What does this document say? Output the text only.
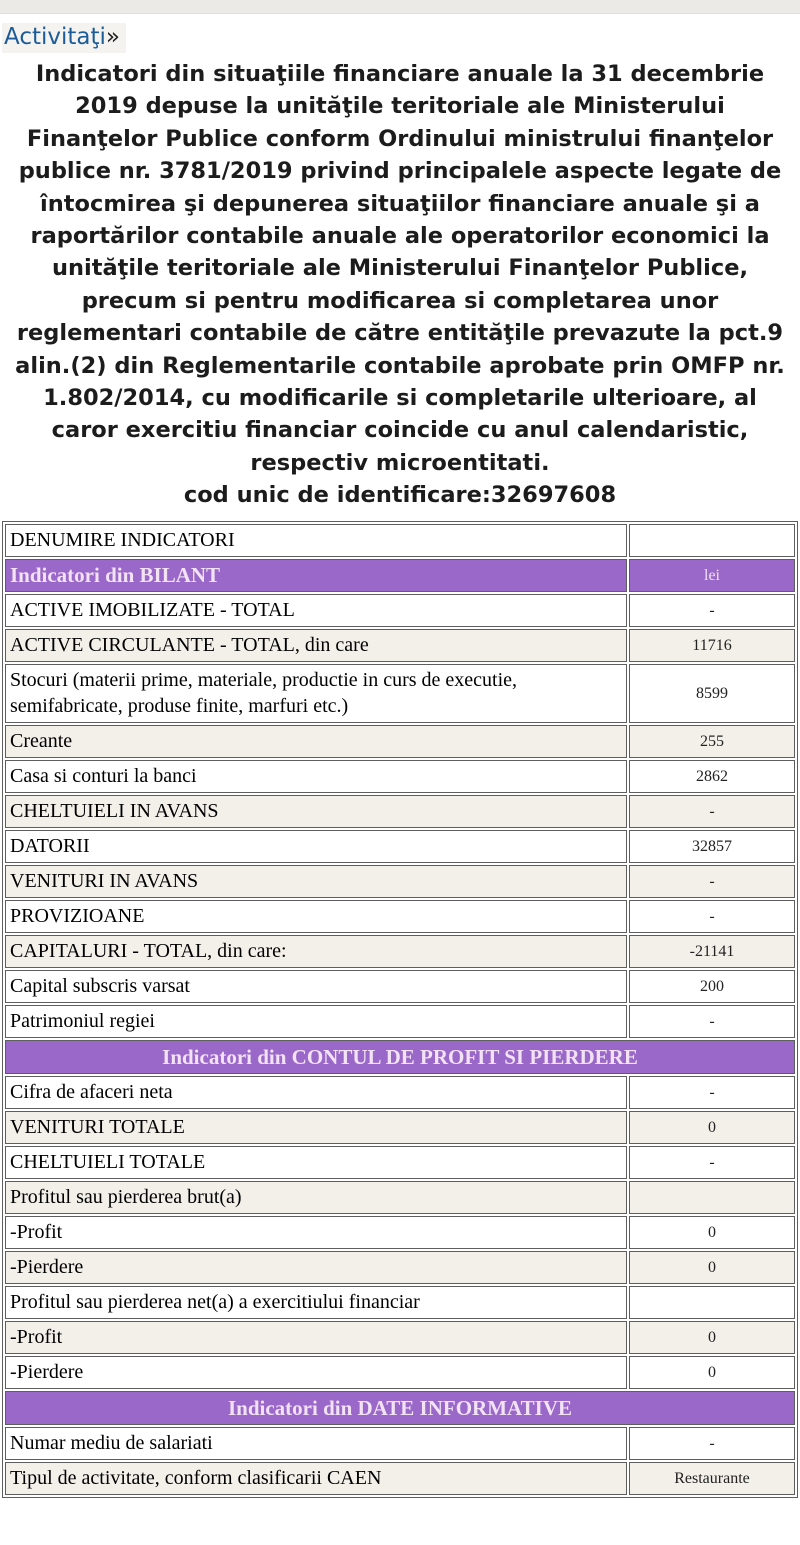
Activitaţi»
Indicatori din situaţiile financiare anuale la 31 decembrie 2019 depuse la unităţile teritoriale ale Ministerului Finanţelor Publice conform Ordinului ministrului finanţelor publice nr. 3781/2019 privind principalele aspecte legate de întocmirea şi depunerea situaţiilor financiare anuale şi a raportărilor contabile anuale ale operatorilor economici la unităţile teritoriale ale Ministerului Finanţelor Publice, precum si pentru modificarea si completarea unor reglementari contabile de către entităţile prevazute la pct.9 alin.(2) din Reglementarile contabile aprobate prin OMFP nr. 1.802/2014, cu modificarile si completarile ulterioare, al caror exercitiu financiar coincide cu anul calendaristic, respectiv microentitati.
cod unic de identificare:32697608
DENUMIRE INDICATORI	
Indicatori din BILANT	lei
ACTIVE IMOBILIZATE - TOTAL	-
ACTIVE CIRCULANTE - TOTAL, din care	11716
Stocuri (materii prime, materiale, productie in curs de executie, semifabricate, produse finite, marfuri etc.)	8599
Creante	255
Casa si conturi la banci	2862
CHELTUIELI IN AVANS	-
DATORII	32857
VENITURI IN AVANS	-
PROVIZIOANE	-
CAPITALURI - TOTAL, din care:	-21141
Capital subscris varsat	200
Patrimoniul regiei	-
Indicatori din CONTUL DE PROFIT SI PIERDERE	
Cifra de afaceri neta	-
VENITURI TOTALE	0
CHELTUIELI TOTALE	-
Profitul sau pierderea brut(a)	
-Profit	0
-Pierdere	0
Profitul sau pierderea net(a) a exercitiului financiar	
-Profit	0
-Pierdere	0
Indicatori din DATE INFORMATIVE	
Numar mediu de salariati	-
Tipul de activitate, conform clasificarii CAEN	Restaurante
